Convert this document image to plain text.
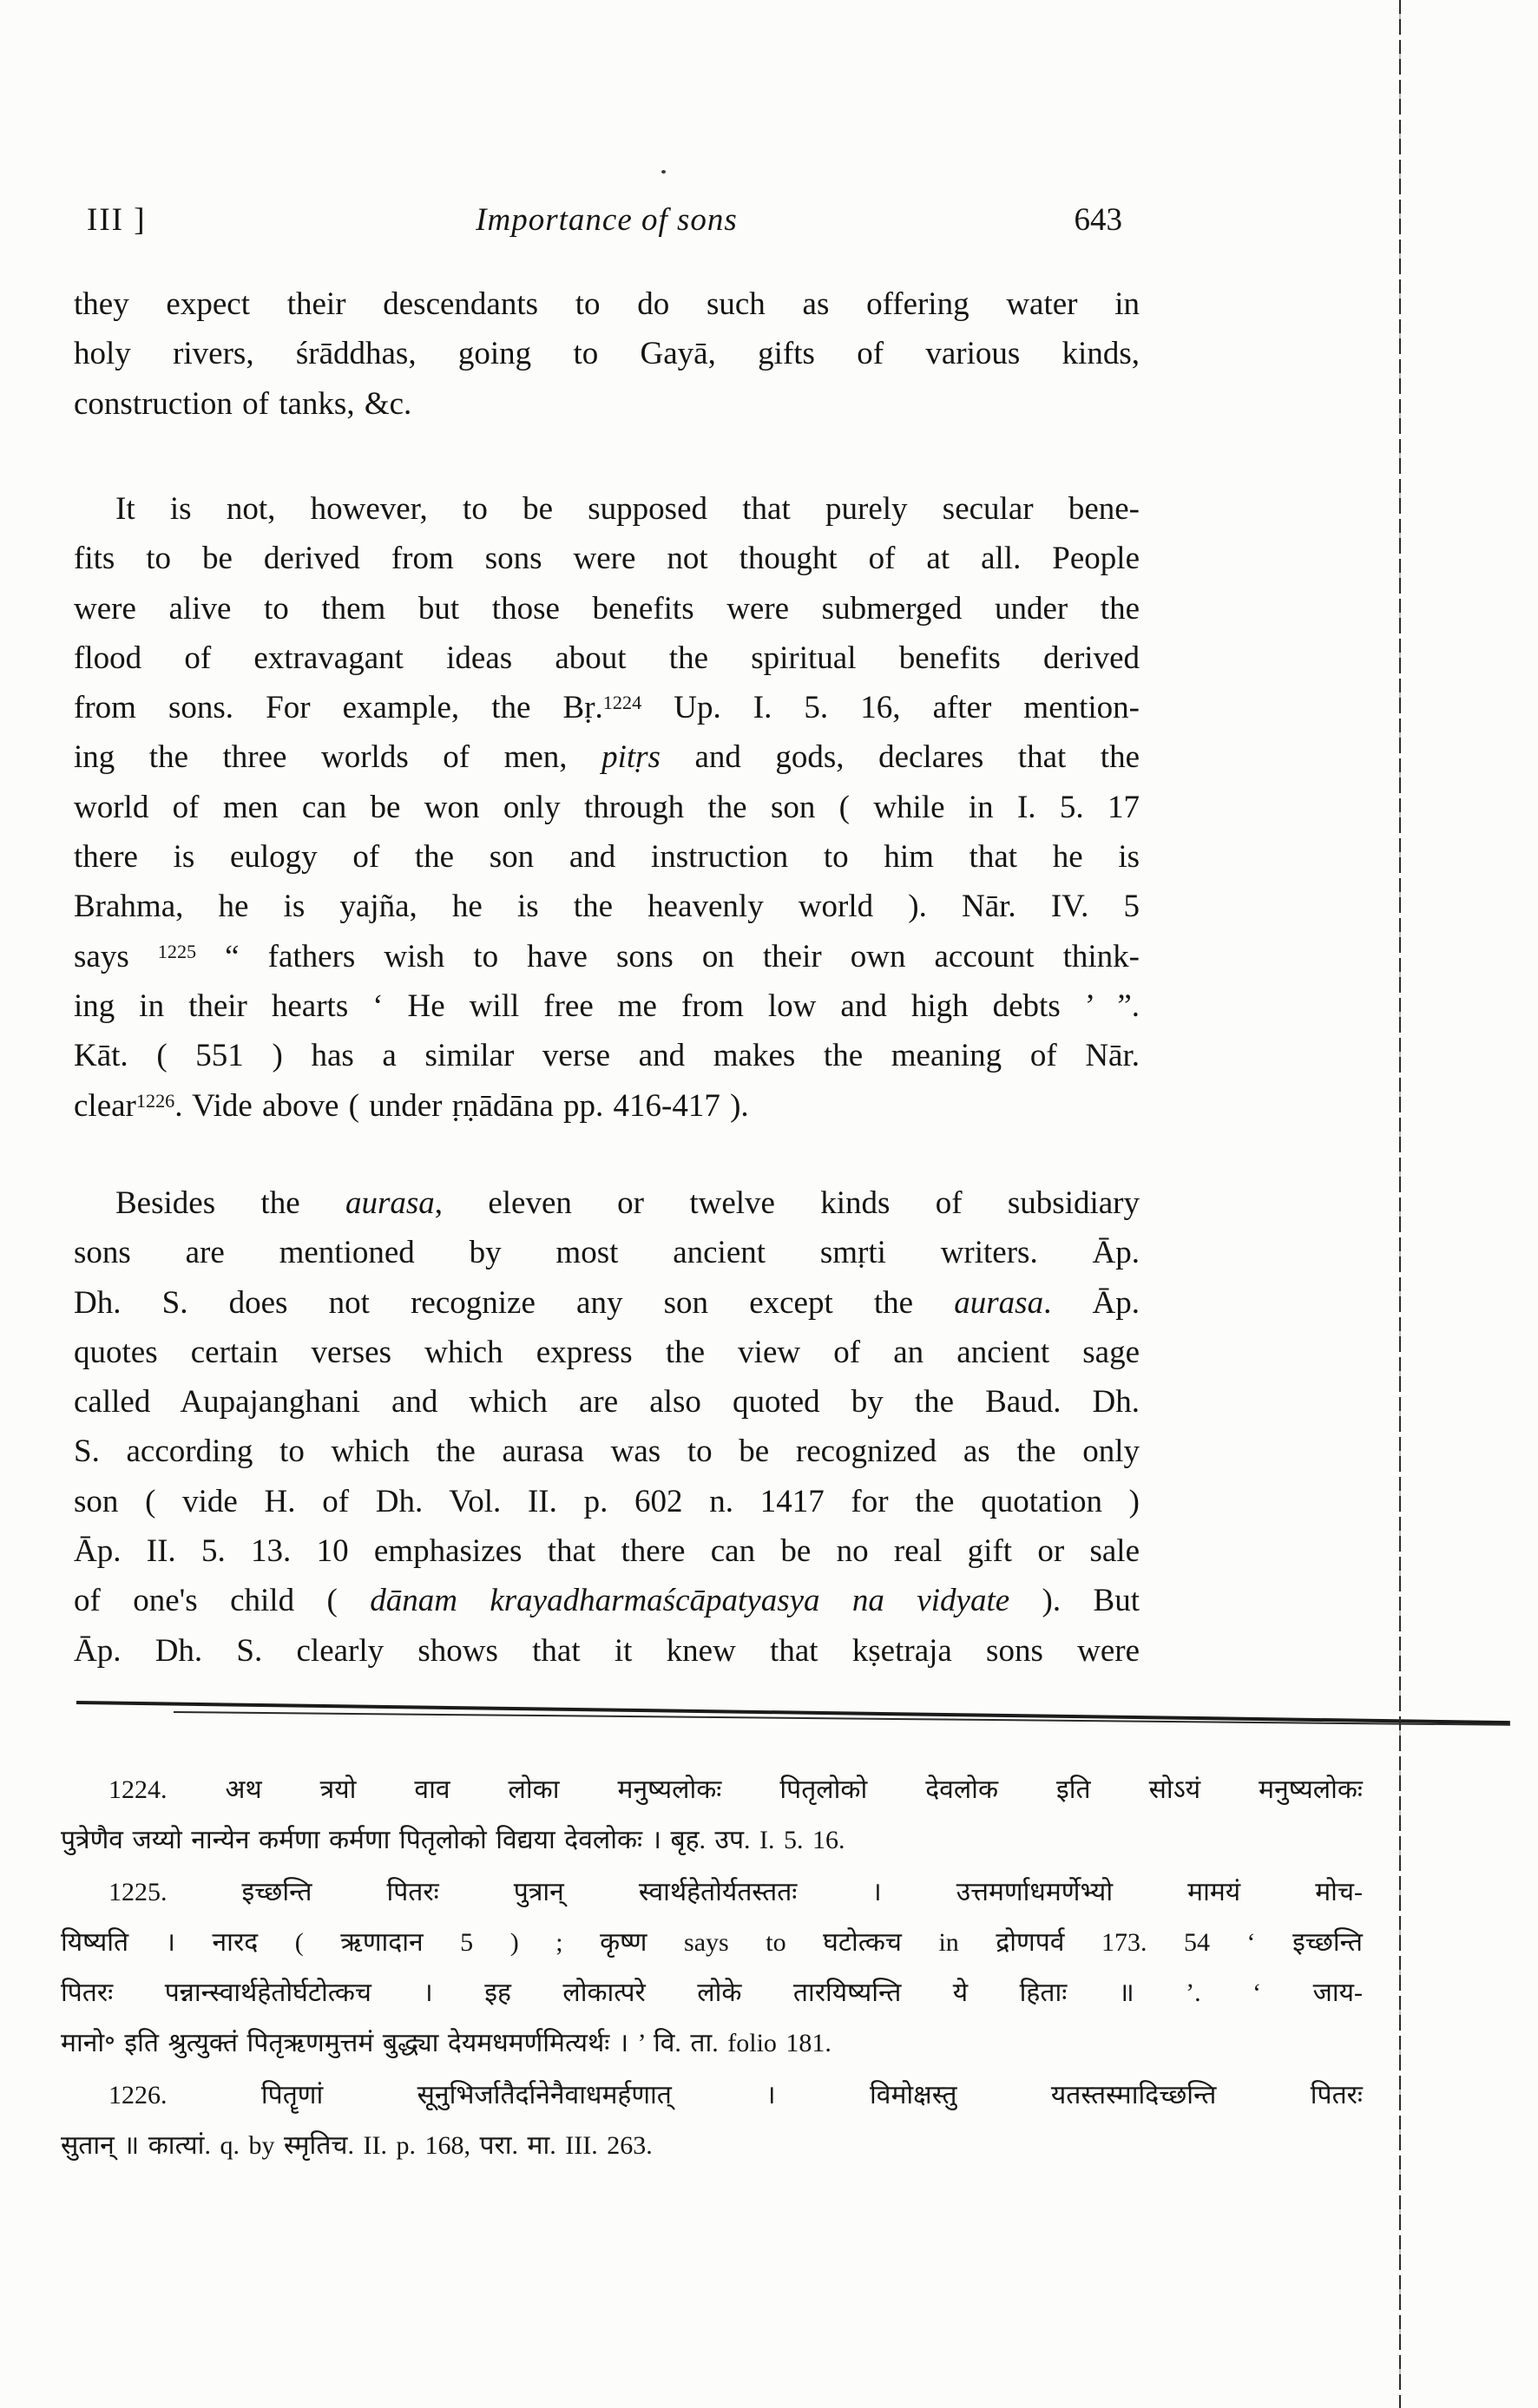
III ]	Importance of sons	643
they expect their descendants to do such as offering water in
holy rivers, śrāddhas, going to Gayā, gifts of various kinds,
construction of tanks, &c.
It is not, however, to be supposed that purely secular bene-
fits to be derived from sons were not thought of at all. People
were alive to them but those benefits were submerged under the
flood of extravagant ideas about the spiritual benefits derived
from sons. For example, the Bṛ.$^{1224}$ Up. I. 5. 16, after mention-
ing the three worlds of men, pitṛs and gods, declares that the
world of men can be won only through the son ( while in I. 5. 17
there is eulogy of the son and instruction to him that he is
Brahma, he is yajña, he is the heavenly world ). Nār. IV. 5
says $^{1225}$ “ fathers wish to have sons on their own account think-
ing in their hearts ‘ He will free me from low and high debts ’ ”.
Kāt. ( 551 ) has a similar verse and makes the meaning of Nār.
clear$^{1226}$. Vide above ( under ṛṇādāna pp. 416-417 ).
Besides the aurasa, eleven or twelve kinds of subsidiary
sons are mentioned by most ancient smṛti writers. Āp.
Dh. S. does not recognize any son except the aurasa. Āp.
quotes certain verses which express the view of an ancient sage
called Aupajanghani and which are also quoted by the Baud. Dh.
S. according to which the aurasa was to be recognized as the only
son ( vide H. of Dh. Vol. II. p. 602 n. 1417 for the quotation )
Āp. II. 5. 13. 10 emphasizes that there can be no real gift or sale
of one's child ( dānam krayadharmaścāpatyasya na vidyate ). But
Āp. Dh. S. clearly shows that it knew that kṣetraja sons were
1224. अथ त्रयो वाव लोका मनुष्यलोकः पितृलोको देवलोक इति सोऽयं मनुष्यलोकः
पुत्रेणैव जय्यो नान्येन कर्मणा कर्मणा पितृलोको विद्यया देवलोकः । बृह. उप. I. 5. 16.
1225. इच्छन्ति पितरः पुत्रान् स्वार्थहेतोर्यतस्ततः । उत्तमर्णाधमर्णेभ्यो मामयं मोच-
यिष्यति । नारद ( ऋणादान 5 ) ; कृष्ण says to घटोत्कच in द्रोणपर्व 173. 54 ‘ इच्छन्ति
पितरः पन्नान्स्वार्थहेतोर्घटोत्कच । इह लोकात्परे लोके तारयिष्यन्ति ये हिताः ॥ ’. ‘ जाय-
मानो॰ इति श्रुत्युक्तं पितृऋणमुत्तमं बुद्ध्या देयमधमर्णमित्यर्थः । ’ वि. ता. folio 181.
1226. पितॄणां सूनुभिर्जातैर्दानेनैवाधमर्हणात् । विमोक्षस्तु यतस्तस्मादिच्छन्ति पितरः
सुतान् ॥ कात्यां. q. by स्मृतिच. II. p. 168, परा. मा. III. 263.
